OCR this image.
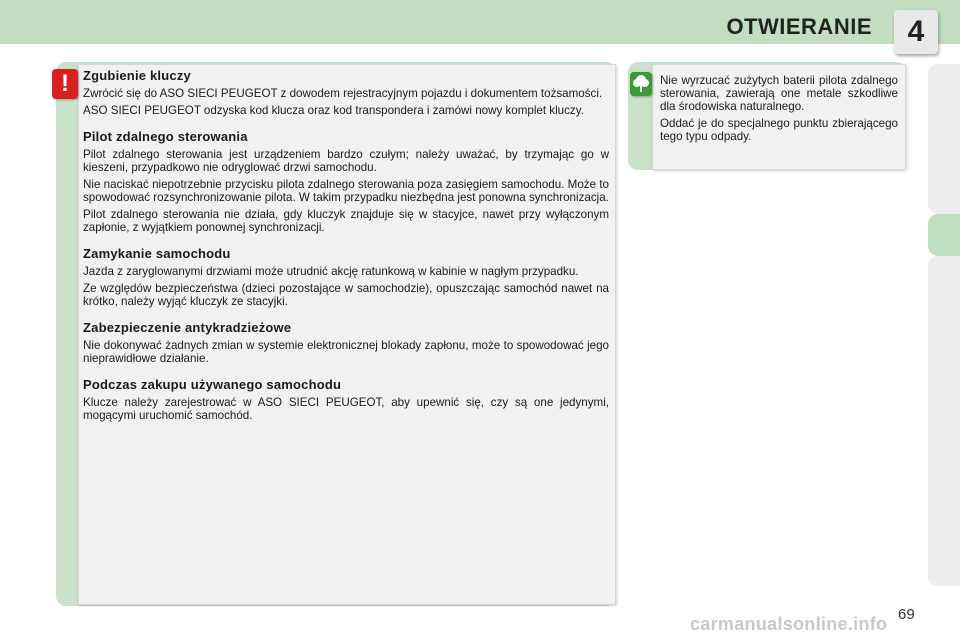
OTWIERANIE	4
!	Zgubienie kluczy

Zwrócić się do ASO SIECI PEUGEOT z dowodem rejestracyjnym pojazdu i dokumentem tożsamości.

ASO SIECI PEUGEOT odzyska kod klucza oraz kod transpondera i zamówi nowy komplet kluczy.

Pilot zdalnego sterowania

Pilot zdalnego sterowania jest urządzeniem bardzo czułym; należy uważać, by trzymając go w kieszeni, przypadkowo nie odryglować drzwi samochodu.

Nie naciskać niepotrzebnie przycisku pilota zdalnego sterowania poza zasięgiem samochodu. Może to spowodować rozsynchronizowanie pilota. W takim przypadku niezbędna jest ponowna synchronizacja.

Pilot zdalnego sterowania nie działa, gdy kluczyk znajduje się w stacyjce, nawet przy wyłączonym zapłonie, z wyjątkiem ponownej synchronizacji.

Zamykanie samochodu

Jazda z zaryglowanymi drzwiami może utrudnić akcję ratunkową w kabinie w nagłym przypadku.

Ze względów bezpieczeństwa (dzieci pozostające w samochodzie), opuszczając samochód nawet na krótko, należy wyjąć kluczyk ze stacyjki.

Zabezpieczenie antykradzieżowe

Nie dokonywać żadnych zmian w systemie elektronicznej blokady zapłonu, może to spowodować jego nieprawidłowe działanie.

Podczas zakupu używanego samochodu

Klucze należy zarejestrować w ASO SIECI PEUGEOT, aby upewnić się, czy są one jedynymi, mogącymi uruchomić samochód.

Nie wyrzucać zużytych baterii pilota zdalnego sterowania, zawierają one metale szkodliwe dla środowiska naturalnego.

Oddać je do specjalnego punktu zbierającego tego typu odpady.

carmanualsonline.info 69
